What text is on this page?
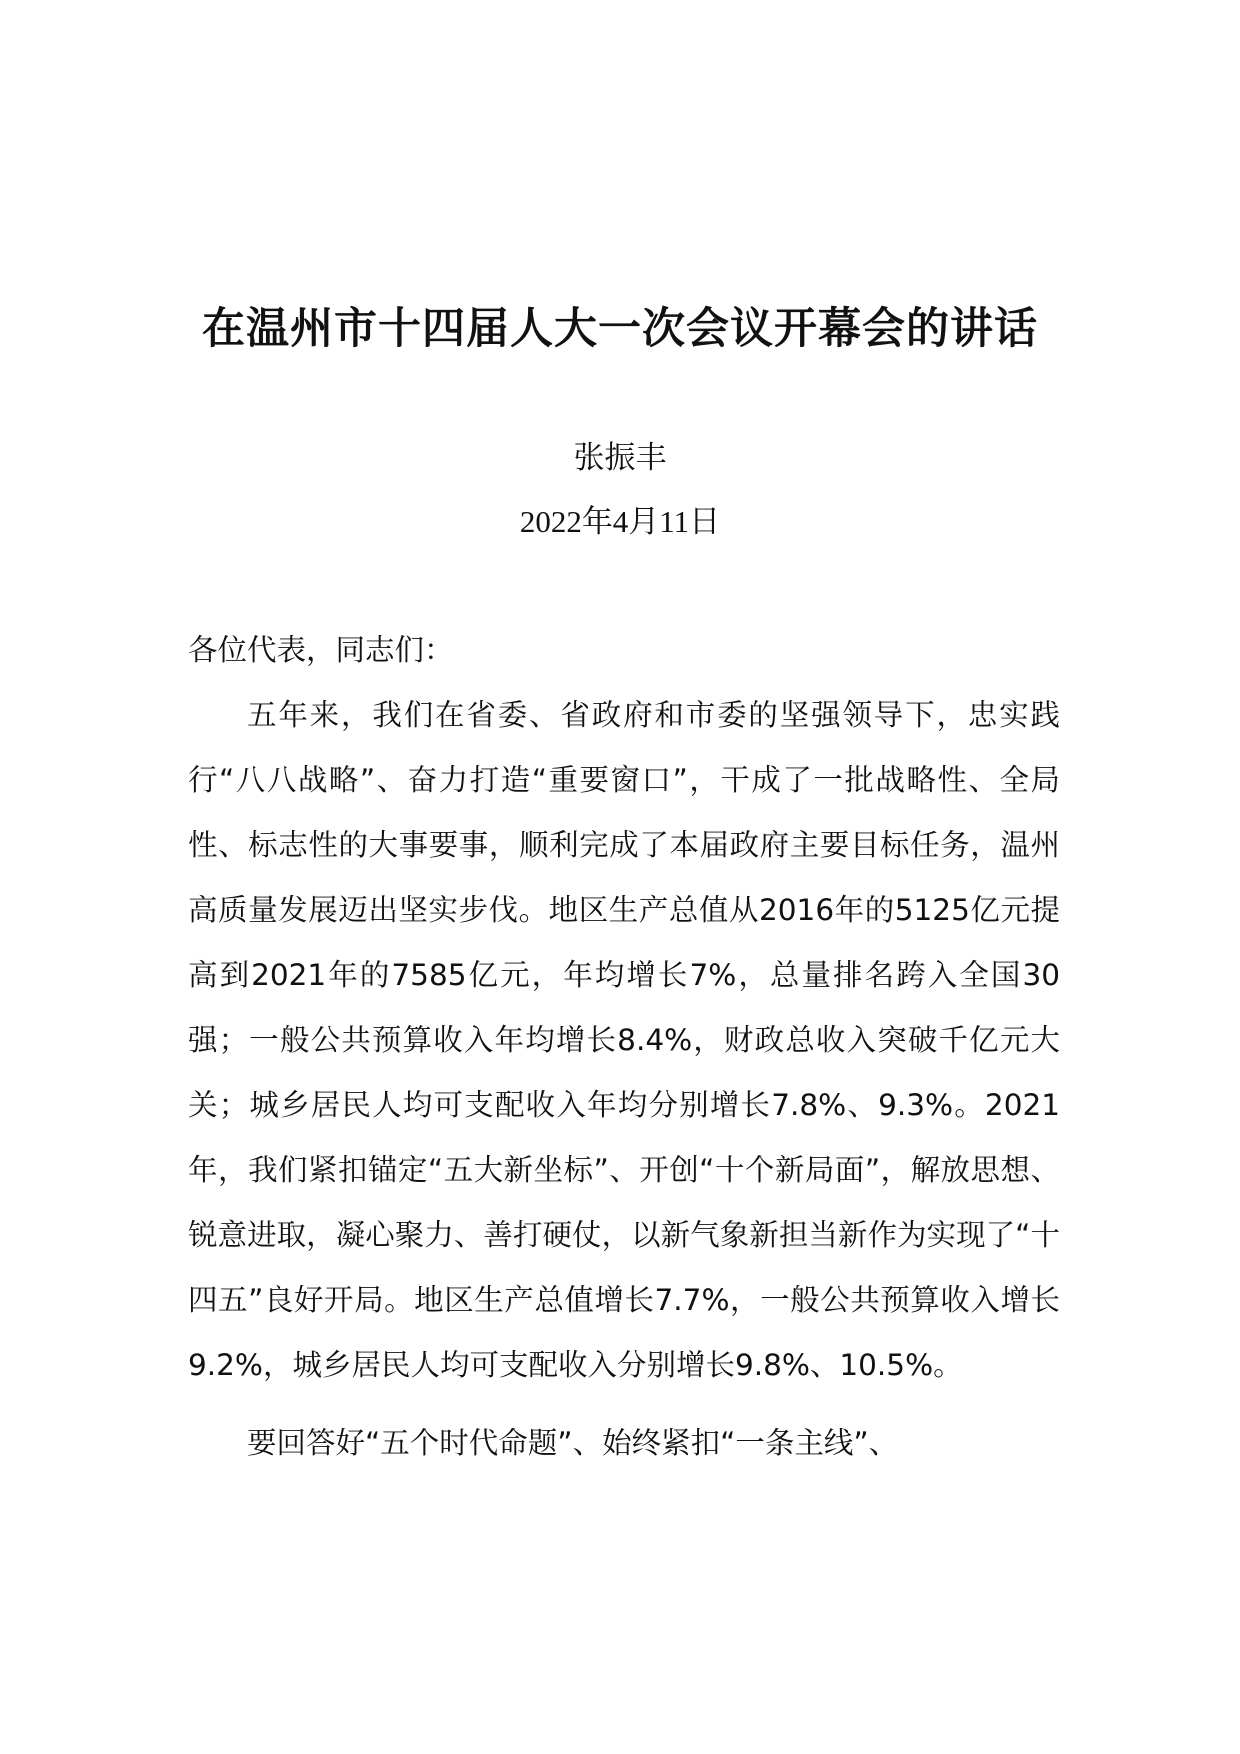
在温州市十四届人大一次会议开幕会的讲话
张振丰
2022年4月11日

各位代表，同志们：

五年来，我们在省委、省政府和市委的坚强领导下，忠实践行“八八战略”、奋力打造“重要窗口”，干成了一批战略性、全局性、标志性的大事要事，顺利完成了本届政府主要目标任务，温州高质量发展迈出坚实步伐。地区生产总值从2016年的5125亿元提高到2021年的7585亿元，年均增长7%，总量排名跨入全国30强；一般公共预算收入年均增长8.4%，财政总收入突破千亿元大关；城乡居民人均可支配收入年均分别增长7.8%、9.3%。2021年，我们紧扣锚定“五大新坐标”、开创“十个新局面”，解放思想、锐意进取，凝心聚力、善打硬仗，以新气象新担当新作为实现了“十四五”良好开局。地区生产总值增长7.7%，一般公共预算收入增长9.2%，城乡居民人均可支配收入分别增长9.8%、10.5%。

要回答好“五个时代命题”、始终紧扣“一条主线”、
